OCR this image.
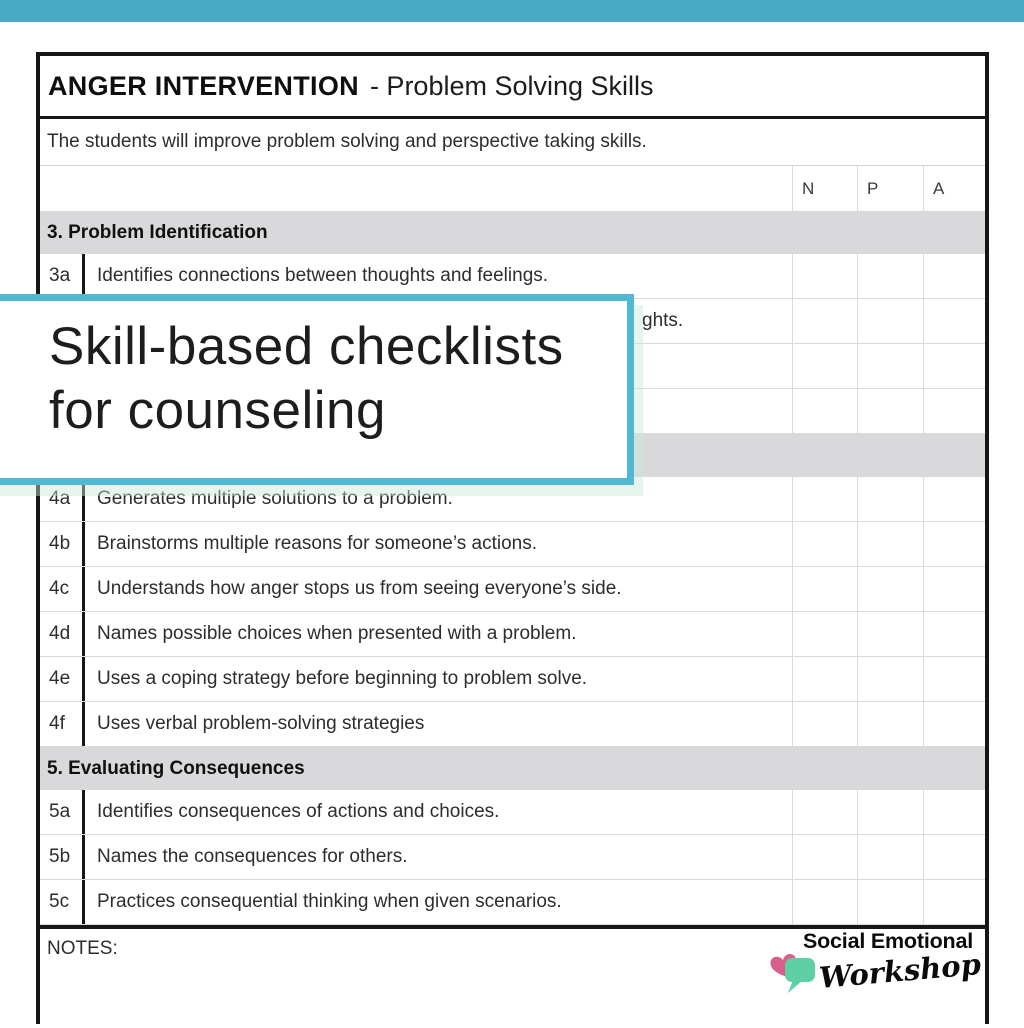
ANGER INTERVENTION - Problem Solving Skills
The students will improve problem solving and perspective taking skills.
N	P	A
3. Problem Identification
3a	Identifies connections between thoughts and feelings.
ghts.
4a	Generates multiple solutions to a problem.
4b	Brainstorms multiple reasons for someone’s actions.
4c	Understands how anger stops us from seeing everyone’s side.
4d	Names possible choices when presented with a problem.
4e	Uses a coping strategy before beginning to problem solve.
4f	Uses verbal problem-solving strategies
5. Evaluating Consequences
5a	Identifies consequences of actions and choices.
5b	Names the consequences for others.
5c	Practices consequential thinking when given scenarios.
NOTES:
Skill-based checklists
for counseling
Social Emotional
Workshop
